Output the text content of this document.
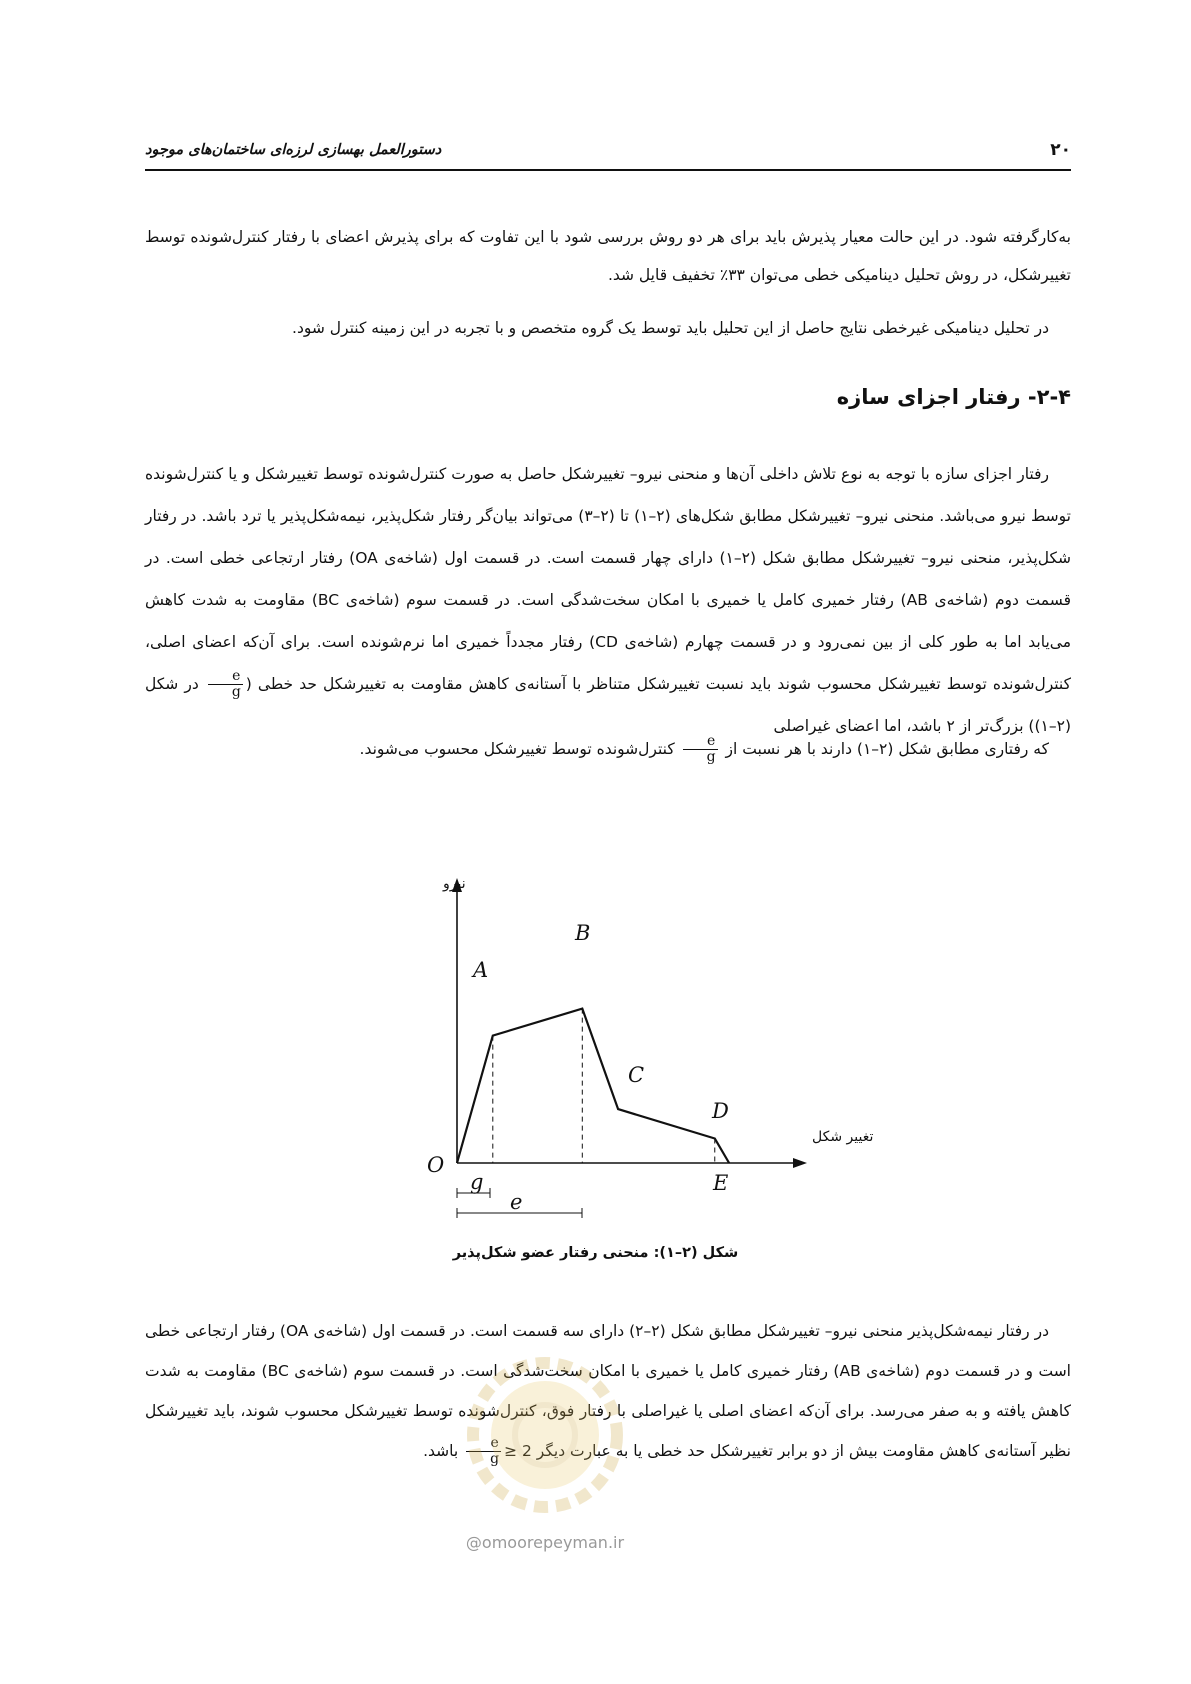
۲۰
دستورالعمل بهسازی لرزه‌ای ساختمان‌های موجود

به‌کارگرفته شود. در این حالت معیار پذیرش باید برای هر دو روش بررسی شود با این تفاوت که برای پذیرش اعضای با رفتار کنترل‌شونده توسط تغییرشکل، در روش تحلیل دینامیکی خطی می‌توان ۳۳٪ تخفیف قایل شد.

در تحلیل دینامیکی غیرخطی نتایج حاصل از این تحلیل باید توسط یک گروه متخصص و با تجربه در این زمینه کنترل شود.

۲-۴- رفتار اجزای سازه

رفتار اجزای سازه با توجه به نوع تلاش داخلی آن‌ها و منحنی نیرو– تغییرشکل حاصل به صورت کنترل‌شونده توسط تغییرشکل و یا کنترل‌شونده توسط نیرو می‌باشد. منحنی نیرو– تغییرشکل مطابق شکل‌های (۲–۱) تا (۲–۳) می‌تواند بیان‌گر رفتار شکل‌پذیر، نیمه‌شکل‌پذیر یا ترد باشد. در رفتار شکل‌پذیر، منحنی نیرو– تغییرشکل مطابق شکل (۲–۱) دارای چهار قسمت است. در قسمت اول (شاخه‌ی OA) رفتار ارتجاعی خطی است. در قسمت دوم (شاخه‌ی AB) رفتار خمیری کامل یا خمیری با امکان سخت‌شدگی است. در قسمت سوم (شاخه‌ی BC) مقاومت به شدت کاهش می‌یابد اما به طور کلی از بین نمی‌رود و در قسمت چهارم (شاخه‌ی CD) رفتار مجدداً خمیری اما نرم‌شونده است. برای آن‌که اعضای اصلی، کنترل‌شونده توسط تغییرشکل محسوب شوند باید نسبت تغییرشکل متناظر با آستانه‌ی کاهش مقاومت به تغییرشکل حد خطی (
$\frac{e}{g}$
در شکل (۲–۱)) بزرگ‌تر از ۲ باشد، اما اعضای غیراصلی

که رفتاری مطابق شکل (۲–۱) دارند با هر نسبت از
$\frac{e}{g}$
کنترل‌شونده توسط تغییرشکل محسوب می‌شوند.

O
A
B
C
D
E
نیرو
تغییر شکل
g
e
شکل (۲–۱): منحنی رفتار عضو شکل‌پذیر

در رفتار نیمه‌شکل‌پذیر منحنی نیرو– تغییرشکل مطابق شکل (۲–۲) دارای سه قسمت است. در قسمت اول (شاخه‌ی OA) رفتار ارتجاعی خطی است و در قسمت دوم (شاخه‌ی AB) رفتار خمیری کامل یا خمیری با امکان سخت‌شدگی است. در قسمت سوم (شاخه‌ی BC) مقاومت به شدت کاهش یافته و به صفر می‌رسد. برای آن‌که اعضای اصلی یا غیراصلی با رفتار فوق، کنترل‌شونده توسط تغییرشکل محسوب شوند، باید تغییرشکل نظیر آستانه‌ی کاهش مقاومت بیش از دو برابر تغییرشکل حد خطی یا به عبارت دیگر
$\frac{e}{g} \ge 2$ باشد.

@omoorepeyman.ir
